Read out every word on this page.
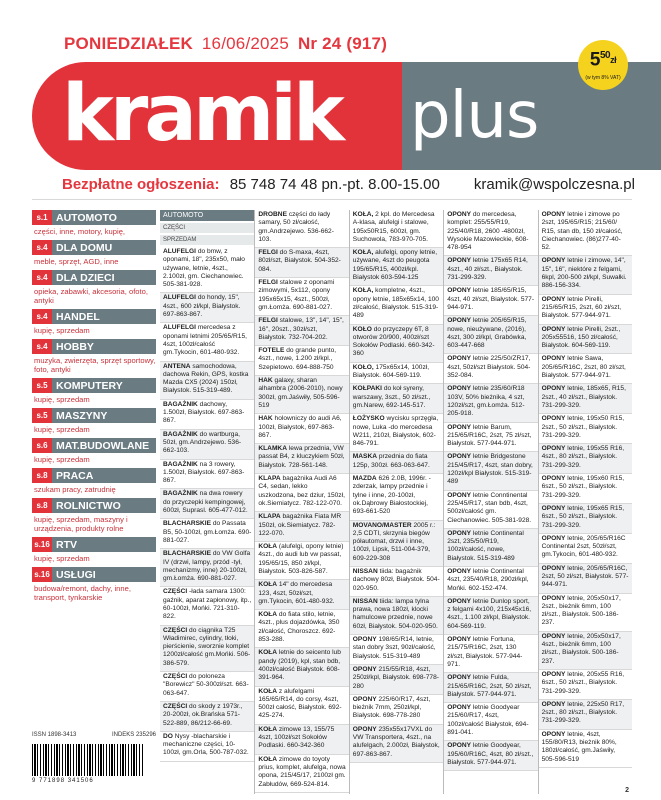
PONIEDZIAŁEK 16/06/2025 Nr 24 (917)
kramik plus
$5^{50}zł$
(w tym 8% VAT)
Bezpłatne ogłoszenia: 85 748 74 48 pn.-pt. 8.00-15.00 kramik@wspolczesna.pl
s.1 AUTOMOTO
części, inne, motory, kupię,
s.4 DLA DOMU
meble, sprzęt, AGD, inne
s.4 DLA DZIECI
opieka, zabawki, akcesoria, ofoto, antyki
s.4 HANDEL
kupię, sprzedam
s.4 HOBBY
muzyka, zwierzęta, sprzęt sportowy, foto, antyki
s.5 KOMPUTERY
kupię, sprzedam
s.5 MASZYNY
kupię, sprzedam
s.6 MAT.BUDOWLANE
kupię, sprzedam
s.8 PRACA
szukam pracy, zatrudnię
s.8 ROLNICTWO
kupię, sprzedam, maszyny i urządzenia, produkty rolne
s.16 RTV
kupię, sprzedam
s.16 USŁUGI
budowa/remont, dachy, inne, transport, tynkarskie
ISSN 1898-3413	INDEKS 235296
9 771898 341506
AUTOMOTO
CZĘŚCI
SPRZEDAM
ALUFELGI do bmw, z oponami, 18", 235x50, mało używane, letnie, 4szt., 2.100zł, gm. Ciechanowiec. 505-381-928.
ALUFELGI do hondy, 15", 4szt., 600 zł/kpl, Białystok. 697-863-867.
ALUFELGI mercedesa z oponami letnimi 205/65/R15, 4szt, 100zł/całość gm.Tykocin, 601-480-932.
ANTENA samochodowa, dachowa Rekin, GPS, kostka Mazda CX5 (2024) 150zł, Białystok. 515-319-489.
BAGAŻNIK dachowy, 1.500zł, Białystok. 697-863-867.
BAGAŻNIK do wartburga, 50zł, gm.Andrzejewo. 536-662-103.
BAGAŻNIK na 3 rowery, 1.500zł, Białystok. 697-863-867.
BAGAŻNIK na dwa rowery do przyczepki kempingowej, 600zł, Suprasl. 605-477-012.
BLACHARSKIE do Passata B5, 50-100zł, gm.Łomża. 690-881-027.
BLACHARSKIE do VW Golfa IV (drzwi, lampy, przód -tył, mechanizmy, inne) 20-100zł, gm.Łomża. 690-881-027.
CZĘŚCI -łada samara 1300: gaźnik, aparat zapłonowy, itp., 60-100zł, Mońki. 721-310-822.
CZĘŚCI do ciągnika T25 Władimirec, cylindry, tłoki, pierścienie, sworznie komplet 1200zł/całość gm.Mońki. 506-386-579.
CZĘŚCI do poloneza "Borewicz" 50-300zł/szt. 663-063-647.
CZĘŚCI do skody z 1973r., 20-200zł, ok.Brańska 571-522-889, 86/212-66-69.
DO Nysy -blacharskie i mechaniczne części, 10-100zł, gm.Orla, 500-787-032.
DROBNE części do łady samary, 50 zł/całość, gm.Andrzejewo. 536-662-103.
FELGI do S-maxa, 4szt, 80zł/szt, Białystok. 504-352-084.
FELGI stalowe z oponami zimowymi, 5x112, opony 195x65x15, 4szt., 500zł, gm.Łomża. 690-881-027.
FELGI stalowe, 13", 14", 15", 16", 20szt., 30zł/szt, Białystok. 732-704-202.
FOTELE do grande punto, 4szt., nowe, 1.200 zł/kpl., Szepietowo. 694-888-750
HAK galaxy, sharan alhambra (2006-2010), nowy 300zł, gm.Jaświły, 505-596-519
HAK holowniczy do audi A6, 100zł, Białystok, 697-863-867.
KLAMKA lewa przednia, VW passat B4, z kluczykiem 50zł, Białystok. 728-561-148.
KLAPA bagażnika Audi A6 C4, sedan, lekko uszkodzona, bez dziur, 150zł, ok.Siemiatycz. 782-122-070.
KLAPA bagażnika Fiata MR 150zł, ok.Siemiatycz. 782-122-070.
KOŁA (alufelgi, opony letnie) 4szt., do audi lub vw passat, 195/65/15, 850 zł/kpl, Białystok. 503-826-587.
KOŁA 14" do mercedesa 123, 4szt, 50zł/szt, gm.Tykocin, 601-480-932.
KOŁA do fiata stilo, letnie, 4szt., plus dojazdówka, 350 zł/całość, Choroszcz. 692-853-288.
KOŁA letnie do seicento lub pandy (2019), kpl, stan bdb, 400zł/całość Białystok. 608-391-964.
KOŁA z alufelgami 165/65/R14, do corsy, 4szt, 500zł całość, Białystok. 692-425-274.
KOŁA zimowe 13, 155/75 4szt, 100zł/szt Sokołów Podlaski. 660-342-360
KOŁA zimowe do toyoty prius, komplet, alufelga, nowa opona, 215/45/17, 2100zł gm. Zabłudów, 669-524-814.
KOŁA, 2 kpl. do Mercedesa A-klasa, alufelgi i stalowe, 195x50R15, 600zł, gm. Suchowola, 783-970-705.
KOŁA, alufelgi, opony letnie, używane, 4szt do peugota 195/65/R15, 400zł/kpl. Białystok 603-594-125
KOŁA, kompletne, 4szt., opony letnie, 185x65x14, 100 zł/całość, Białystok. 515-319-489
KOŁO do przyczepy 6T, 8 otworów 20/900, 400zł/szt Sokołów Podlaski. 660-342-360
KOŁO, 175x65x14, 100zł, Białystok. 604-569-119.
KOŁPAKI do koł syreny, warszawy, 3szt., 50 zł/szt., gm.Narew, 692-145-517.
ŁOŻYSKO wycisku sprzęgła, nowe, Luka -do mercedesa W211, 210zł, Białystok, 602-846-791.
MASKA przednia do fiata 125p, 300zł. 663-063-647.
MAZDA 626 2.0B, 1996r. -zderzak, lampy przednie i tylne i inne, 20-100zł, ok.Dąbrowy Białostockiej, 693-661-520
MOVANO/MASTER 2005 r.: 2,5 CDTI, skrzynia biegów półautomat, drzwi i inne, 100zł, Lipsk, 511-004-379, 609-229-308
NISSAN tiida: bagażnik dachowy 80zł, Białystok. 504-020-950.
NISSAN tiida: lampa tylna prawa, nowa 180zł, klocki hamulcowe przednie, nowe 60zł, Białystok. 504-020-950.
OPONY 198/65/R14, letnie, stan dobry 3szt, 90zł/całość, Białystok. 515-319-489
OPONY 215/55/R18, 4szt, 250zł/kpl, Białystok. 698-778-280
OPONY 225/60/R17, 4szt, bieżnik 7mm, 250zł/kpl, Białystok. 698-778-280
OPONY 235x55x17VXL do VW Transportera, 4szt., na alufelgach, 2.000zł, Białystok, 697-863-867.
OPONY do mercedesa, komplet: 255/55/R19, 225/40/R18, 2600 -4800zł, Wysokie Mazowieckie, 608-478-954
OPONY letnie 175x65 R14, 4szt., 40 zł/szt., Białystok. 731-299-329.
OPONY letnie 185/65/R15, 4szt, 40 zł/szt, Białystok. 577-944-971.
OPONY letnie 205/65/R15, nowe, nieużywane, (2016), 4szt, 300 zł/kpl, Grabówka, 603-447-668
OPONY letnie 225/50/ZR17, 4szt, 50zł/szt Białystok. 504-352-084.
OPONY letnie 235/60/R18 103V, 50% bieżnika, 4 szt, 120zł/szt, gm.Łomża. 512-205-918.
OPONY letnie Barum, 215/65/R16C, 2szt, 75 zł/szt, Białystok. 577-944-971.
OPONY letnie Bridgestone 215/45/R17, 4szt, stan dobry, 120zł/kpl Białystok. 515-319-489
OPONY letnie Conntinental 225/45/R17, stan bdb, 4szt, 500zł/całość gm. Ciechanowiec. 505-381-928.
OPONY letnie Continental 2szt, 235/50/R19, 100zł/całość, nowe, Białystok. 515-319-489
OPONY letnie Continental 4szt, 235/40/R18, 290zł/kpl, Mońki. 602-152-474.
OPONY letnie Dunlop sport, z felgami 4x100, 215x45x16, 4szt., 1.100 zł/kpl, Białystok. 604-569-119.
OPONY letnie Fortuna, 215/75/R16C, 2szt, 130 zł/szt, Białystok. 577-944-971.
OPONY letnie Fulda, 215/65/R16C, 2szt, 50 zł/szt, Białystok. 577-944-971.
OPONY letnie Goodyear 215/60/R17, 4szt, 100zł/całość Białystok, 694-891-041.
OPONY letnie Goodyear, 195/60/R16C, 4szt, 80 zł/szt., Białystok. 577-944-971.
OPONY letnie i zimowe po 2szt, 195/65/R15; 215/60/ R15, stan db, 150 zł/całość, Ciechanowiec. (86)277-40-52.
OPONY letnie i zimowe, 14", 15", 16", niektóre z felgami, 6kpl, 200-500 zł/kpl, Suwałki. 886-156-334.
OPONY letnie Pirelli, 215/65/R15, 2szt, 60 zł/szt, Białystok. 577-944-971.
OPONY letnie Pirelli, 2szt., 205x55516, 150 zł/całość, Białystok. 604-569-119.
OPONY letnie Sawa, 205/65/R16C, 2szt, 80 zł/szt, Białystok. 577-944-971.
OPONY letnie, 185x65, R15, 2szt., 40 zł/szt., Białystok. 731-299-329.
OPONY letnie, 195x50 R15, 2szt., 50 zł/szt., Białystok. 731-299-329.
OPONY letnie, 195x55 R16, 4szt., 80 zł/szt., Białystok. 731-299-329.
OPONY letnie, 195x60 R15, 6szt., 50 zł/szt., Białystok. 731-299-329.
OPONY letnie, 195x65 R15, 6szt., 50 zł/szt., Białystok. 731-299-329.
OPONY letnie, 205/65/R16C Continental 2szt, 50zł/szt, gm.Tykocin, 601-480-932.
OPONY letnie, 205/65/R16C, 2szt, 50 zł/szt, Białystok. 577-944-971.
OPONY letnie, 205x50x17, 2szt., bieżnik 6mm, 100 zł/szt., Białystok. 500-186-237.
OPONY letnie, 205x50x17, 4szt., bieżnik 6mm, 100 zł/szt., Białystok. 500-186-237.
OPONY letnie, 205x55 R16, 6szt., 50 zł/szt., Białystok. 731-299-329.
OPONY letnie, 225x50 R17, 2szt., 80 zł/szt., Białystok. 731-299-329.
OPONY letnie, 4szt, 155/80/R13, bieżnik 80%, 180zł/całość, gm.Jaświły, 505-596-519
2
